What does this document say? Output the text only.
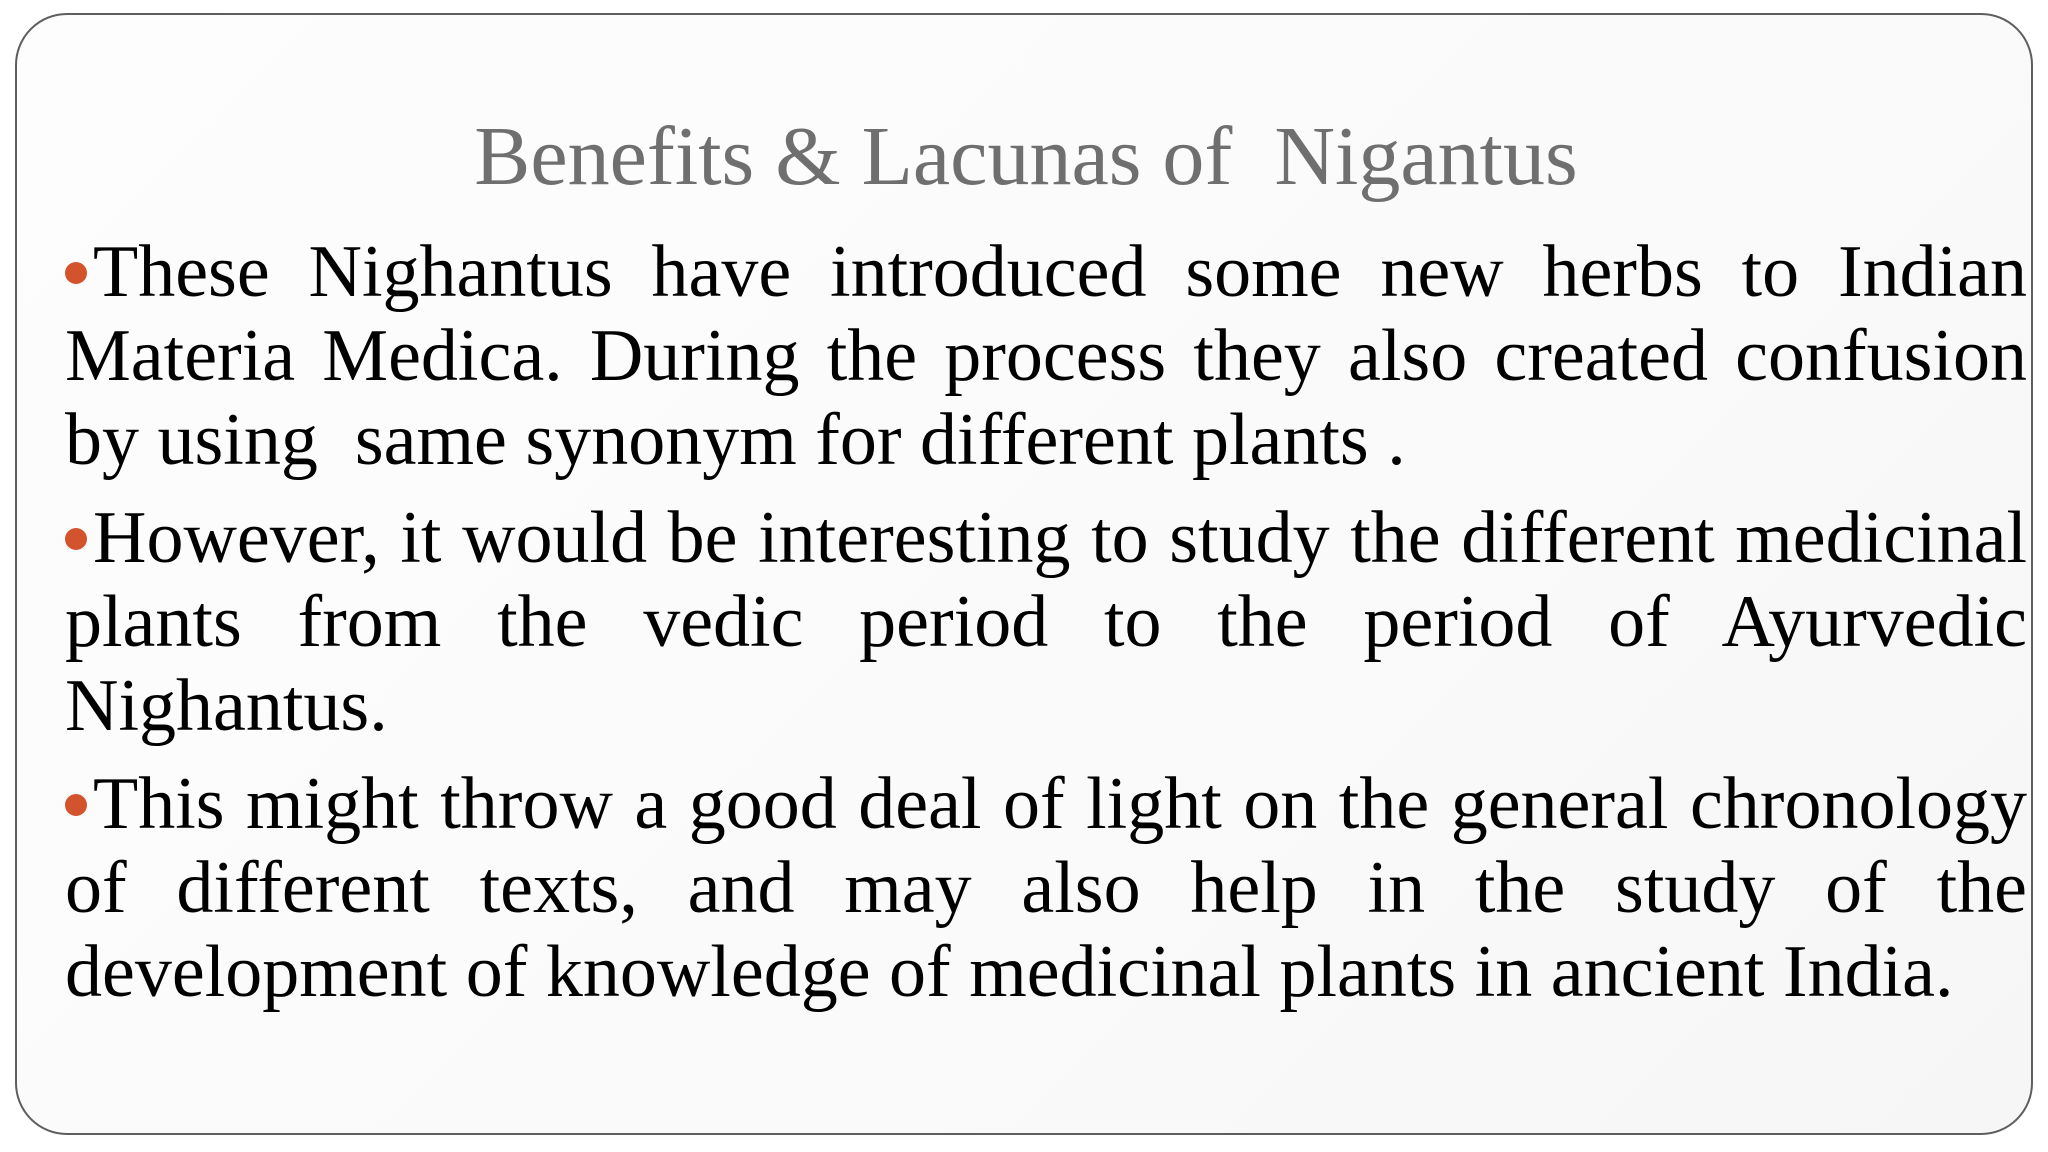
Benefits & Lacunas of  Nigantus

These Nighantus have introduced some new herbs to Indian Materia Medica. During the process they also created confusion by using  same synonym for different plants .

However, it would be interesting to study the different medicinal plants from the vedic period to the period of Ayurvedic Nighantus.

This might throw a good deal of light on the general chronology of different texts, and may also help in the study of the development of knowledge of medicinal plants in ancient India.
